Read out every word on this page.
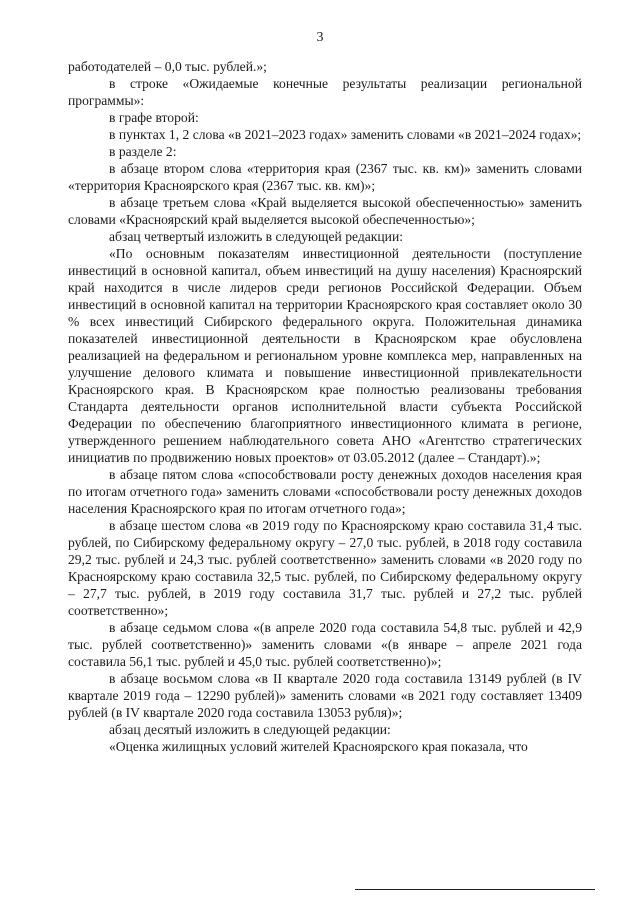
3

работодателей – 0,0 тыс. рублей.»;

в строке «Ожидаемые конечные результаты реализации региональной программы»:

в графе второй:

в пунктах 1, 2 слова «в 2021–2023 годах» заменить словами «в 2021–2024 годах»;

в разделе 2:

в абзаце втором слова «территория края (2367 тыс. кв. км)» заменить словами «территория Красноярского края (2367 тыс. кв. км)»;

в абзаце третьем слова «Край выделяется высокой обеспеченностью» заменить словами «Красноярский край выделяется высокой обеспеченностью»;

абзац четвертый изложить в следующей редакции:

«По основным показателям инвестиционной деятельности (поступление инвестиций в основной капитал, объем инвестиций на душу населения) Красноярский край находится в числе лидеров среди регионов Российской Федерации. Объем инвестиций в основной капитал на территории Красноярского края составляет около 30 % всех инвестиций Сибирского федерального округа. Положительная динамика показателей инвестиционной деятельности в Красноярском крае обусловлена реализацией на федеральном и региональном уровне комплекса мер, направленных на улучшение делового климата и повышение инвестиционной привлекательности Красноярского края. В Красноярском крае полностью реализованы требования Стандарта деятельности органов исполнительной власти субъекта Российской Федерации по обеспечению благоприятного инвестиционного климата в регионе, утвержденного решением наблюдательного совета АНО «Агентство стратегических инициатив по продвижению новых проектов» от 03.05.2012 (далее – Стандарт).»;

в абзаце пятом слова «способствовали росту денежных доходов населения края по итогам отчетного года» заменить словами «способствовали росту денежных доходов населения Красноярского края по итогам отчетного года»;

в абзаце шестом слова «в 2019 году по Красноярскому краю составила 31,4 тыс. рублей, по Сибирскому федеральному округу – 27,0 тыс. рублей, в 2018 году составила 29,2 тыс. рублей и 24,3 тыс. рублей соответственно» заменить словами «в 2020 году по Красноярскому краю составила 32,5 тыс. рублей, по Сибирскому федеральному округу – 27,7 тыс. рублей, в 2019 году составила 31,7 тыс. рублей и 27,2 тыс. рублей соответственно»;

в абзаце седьмом слова «(в апреле 2020 года составила 54,8 тыс. рублей и 42,9 тыс. рублей соответственно)» заменить словами «(в январе – апреле 2021 года составила 56,1 тыс. рублей и 45,0 тыс. рублей соответственно)»;

в абзаце восьмом слова «в II квартале 2020 года составила 13149 рублей (в IV квартале 2019 года – 12290 рублей)» заменить словами «в 2021 году составляет 13409 рублей (в IV квартале 2020 года составила 13053 рубля)»;

абзац десятый изложить в следующей редакции:

«Оценка жилищных условий жителей Красноярского края показала, что
